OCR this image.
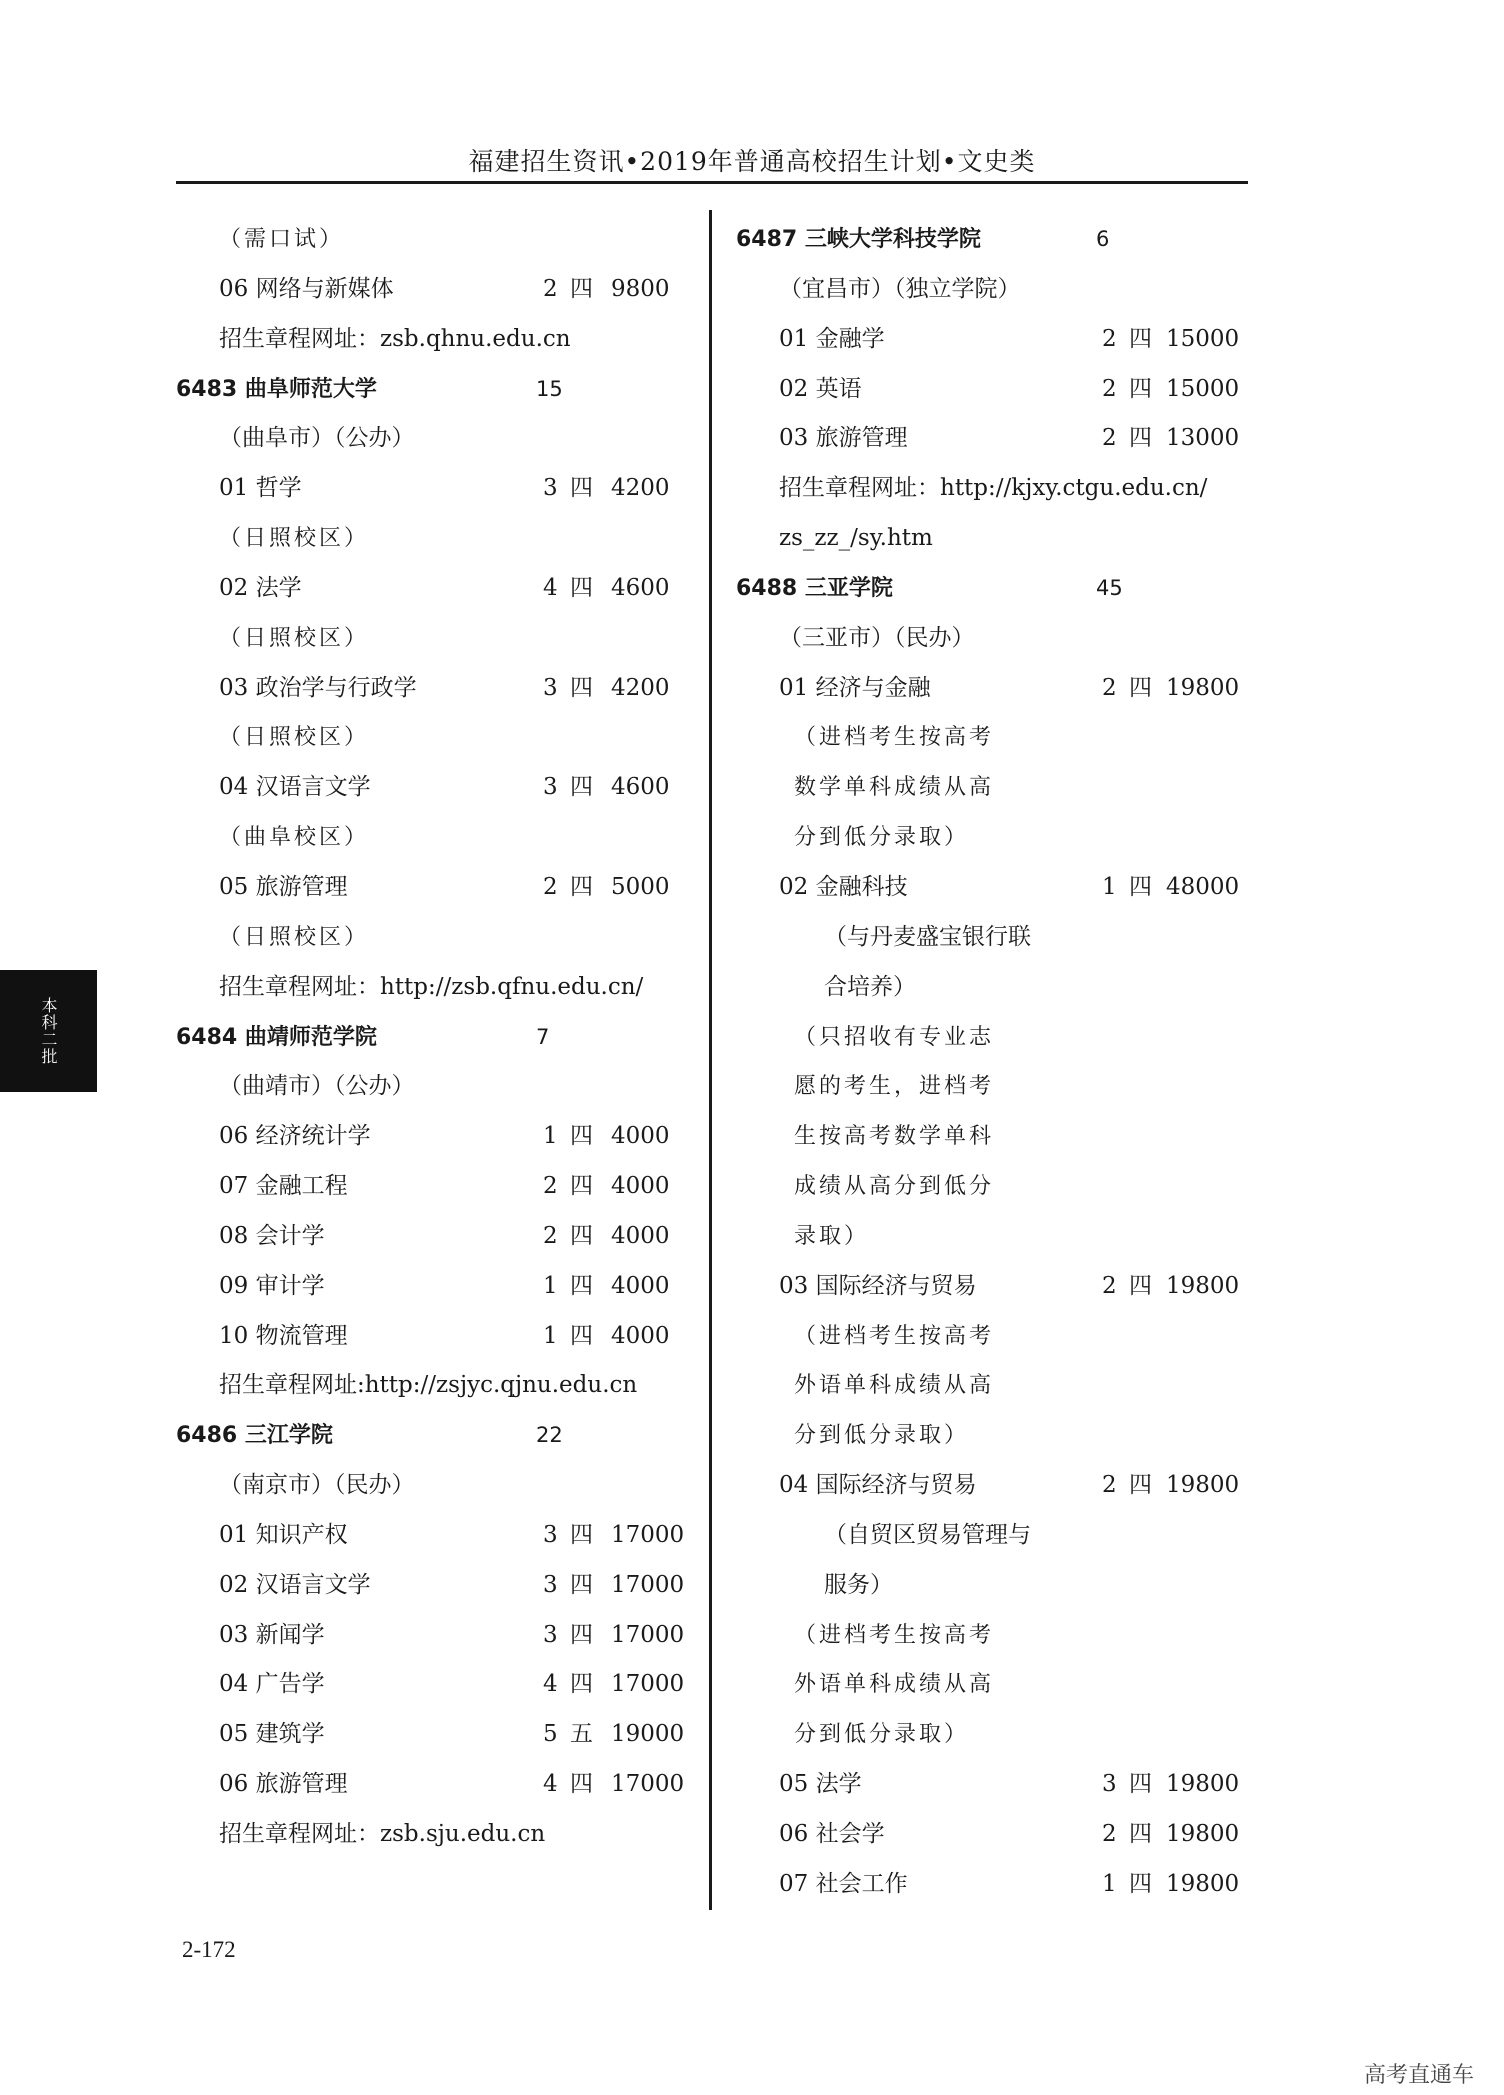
福建招生资讯•2019年普通高校招生计划•文史类
（需口试）
06 网络与新媒体	2 四 9800
招生章程网址：zsb.qhnu.edu.cn
6483 曲阜师范大学	15
（曲阜市）（公办）
01 哲学	3 四 4200
（日照校区）
02 法学	4 四 4600
（日照校区）
03 政治学与行政学	3 四 4200
（日照校区）
04 汉语言文学	3 四 4600
（曲阜校区）
05 旅游管理	2 四 5000
（日照校区）
招生章程网址：http://zsb.qfnu.edu.cn/
6484 曲靖师范学院	7
（曲靖市）（公办）
06 经济统计学	1 四 4000
07 金融工程	2 四 4000
08 会计学	2 四 4000
09 审计学	1 四 4000
10 物流管理	1 四 4000
招生章程网址:http://zsjyc.qjnu.edu.cn
6486 三江学院	22
（南京市）（民办）
01 知识产权	3 四 17000
02 汉语言文学	3 四 17000
03 新闻学	3 四 17000
04 广告学	4 四 17000
05 建筑学	5 五 19000
06 旅游管理	4 四 17000
招生章程网址：zsb.sju.edu.cn
6487 三峡大学科技学院	6
（宜昌市）（独立学院）
01 金融学	2 四 15000
02 英语	2 四 15000
03 旅游管理	2 四 13000
招生章程网址：http://kjxy.ctgu.edu.cn/
zs_zz_/sy.htm
6488 三亚学院	45
（三亚市）（民办）
01 经济与金融	2 四 19800
（进档考生按高考
数学单科成绩从高
分到低分录取）
02 金融科技	1 四 48000
（与丹麦盛宝银行联
合培养）
（只招收有专业志
愿的考生，进档考
生按高考数学单科
成绩从高分到低分
录取）
03 国际经济与贸易	2 四 19800
（进档考生按高考
外语单科成绩从高
分到低分录取）
04 国际经济与贸易	2 四 19800
（自贸区贸易管理与
服务）
（进档考生按高考
外语单科成绩从高
分到低分录取）
05 法学	3 四 19800
06 社会学	2 四 19800
07 社会工作	1 四 19800
本科二批
2-172
高考直通车
